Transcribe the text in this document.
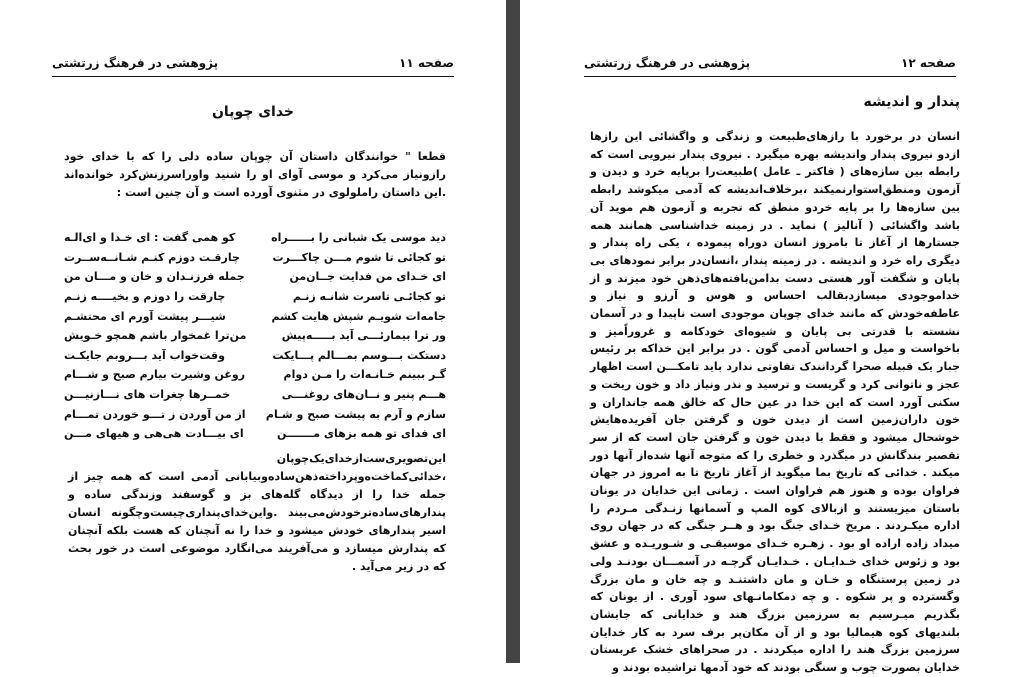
صفحه ۱۱
پژوهشی در فرهنگ زرتشتی
خدای چوپان

قطعا " خوانندگان داستان آن چوپان ساده دلی را که با خدای خود رازونیاز می‌کرد و موسی آوای او را شنید واوراسرزنش‌کرد خوانده‌اند .این داستان راملولوی در مثنوی آورده است و آن چنین است :

دید موسی یک شبانی را بــــــراه
کو همی گفت : ای خـدا و ای‌الـه
تو کجائی تا شوم مـــن چاکـــرت
چارقـت دوزم کنـم شـانــه‌ســرت
ای خـدای من فدایت جــان‌من
جمله فرزنـدان و خان و مـــان من
تو کجائـی تاسرت شانـه زنـم
چارقت را دوزم و بخیــــه زنـم
جامه‌ات شویـم شپش هایت کشم
شیـــر پیشت آورم ای محتشـم
ور ترا بیمارئـــی آید بـــــه‌پیش
من‌ترا غمخوار باشم همچو خـویش
دستکت بـــوسم بمـــالم پـــایکت
وقت‌خواب آید بـــروبم جایکـت
گـر ببینم خـانـه‌ات را مـن دوام
روغن وشیرت بیارم صبح و شـــام
هـــم پنیر و نــان‌های روغنـــی
خمــرها چغرات های نـــازنیـــن
سازم و آرم به پیشت صبح و شـام
از من آوردن ز تـــو خوردن تمـــام
ای فدای تو همه بزهای مـــــــن
ای بیـــادت هی‌هی و هیهای مـــن

این‌تصویری‌ست‌ازخدای‌یک‌چوپان ،خدائی‌کماخت‌ه‌وپرداخته‌ذهن‌ساده‌وبیابانی آدمی است که همه چیز از جمله خدا را از دیدگاه گله‌های بز و گوسفند وزندگی ساده و پندارهای‌ساده‌ترخودش‌می‌بیند .واین‌خدای‌پنداری‌چیست‌وچگونه انسان اسیر پندارهای خودش میشود و خدا را نه آنچنان که هست بلکه آنچنان که پندارش میسازد و می‌آفریند می‌انگارد موضوعی است در خور بحث که در زیر می‌آید .

صفحه ۱۲
پژوهشی در فرهنگ زرتشتی
پندار و اندیشه

انسان در برخورد با رازهای‌طبیعت و زندگی و واگشائی این رازها ازدو نیروی پندار واندیشه بهره میگیرد . نیروی پندار نیرویی است که رابطه بین سازه‌های ( فاکتر ـ عامل )طبیعت‌را برپایه خرد و دیدن و آزمون ومنطق‌استوارنمیکند ،برخلاف‌اندیشه که آدمی میکوشد رابطه بین سازه‌ها را بر پایه خردو منطق که تجربه و آزمون هم موید آن باشد واگشائی ( آنالیز ) نماید . در زمینه خداشناسی همانند همه جستارها از آغاز تا بامروز انسان دوراه پیموده ، یکی راه پندار و دیگری راه خرد و اندیشه . در زمینه پندار ،انسان‌در برابر نمودهای بی پایان و شگفت آور هستی دست بدامن‌بافته‌های‌ذهن خود میزند و از خداموجودی میسازدبقالب احساس و هوس و آرزو و نیاز و عاطفه‌خودش که مانند خدای چوپان موجودی است ناپیدا و در آسمان نشسته با قدرتی بی پایان و شیوه‌ای خودکامه و غروراًمیز و باخواست و میل و احساس آدمی گون . در برابر این خداکه بر رئیس جبار یک قبیله صحرا گردانندک تفاوتی ندارد باید تامکـــن است اظهار عجز و ناتوانی کرد و گریست و ترسید و نذر ونیاز داد و خون ریخت و سکنی آورد است که این خدا در عین حال که خالق همه جانداران و خون داران‌زمین است از دیدن خون و گرفتن جان آفریده‌هایش خوشحال میشود و فقط با دیدن خون و گرفتن جان است که از سر تقصیر بندگانش در میگذرد و خطری را که متوجه آنها شده‌از آنها دور میکند . خدائی که تاریخ بما میگوید از آغاز تاریخ تا به امروز در جهان فراوان بوده و هنوز هم فراوان است . زمانی این خدایان در یونان باستان میزیستند و ازبالای کوه المپ و آسمانها زنـدگی مـردم را اداره میکـردند . مریخ خـدای جنگ بود و هــر جنگی که در جهان روی میداد زاده اراده او بود . زهـره خـدای موسیقـی و شـوریـده و عشق بود و زئوس خدای خـدایـان . خـدایـان گرچـه در آسمـــان بودنـد ولی در زمین پرستنگاه و خـان و مان داشتنـد و چه خان و مان بزرگ وگسترده و پر شکوه . و چه دمکامانـهای سود آوری . از یونان که بگذریم میـرسیم به سرزمین بزرگ هند و خدایانی که جایشان بلندیهای کوه هیمالیا بود و از آن مکان‌پر برف سرد به کار خدایان سرزمین بزرگ هند را اداره میکردند . در صحراهای خشک عربستان خدایان بصورت چوب و سنگی بودند که خود آدمها تراشیده بودند و
